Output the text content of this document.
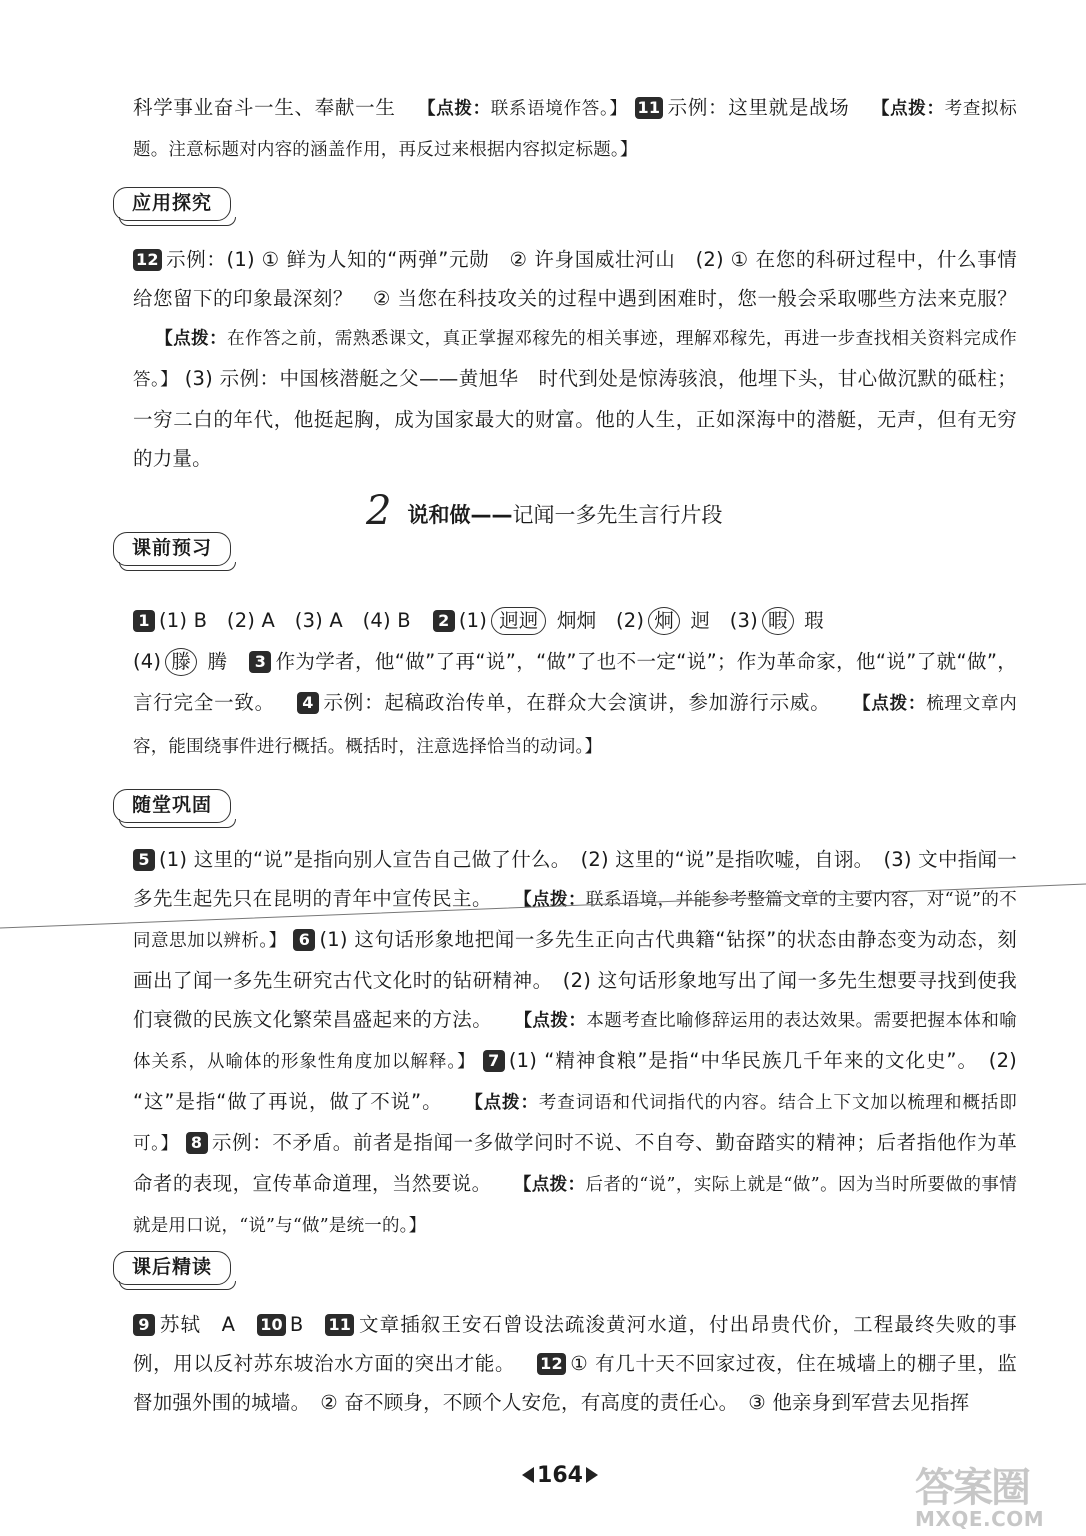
科学事业奋斗一生、奉献一生 【点拨：联系语境作答。】 11 示例：这里就是战场 【点拨：考查拟标题。注意标题对内容的涵盖作用，再反过来根据内容拟定标题。】
应用探究
12 示例：(1) ① 鲜为人知的“两弹”元勋　② 许身国威壮河山　(2) ① 在您的科研过程中，什么事情给您留下的印象最深刻？　② 当您在科技攻关的过程中遇到困难时，您一般会采取哪些方法来克服？【点拨：在作答之前，需熟悉课文，真正掌握邓稼先的相关事迹，理解邓稼先，再进一步查找相关资料完成作答。】 (3) 示例：中国核潜艇之父——黄旭华　时代到处是惊涛骇浪，他埋下头，甘心做沉默的砥柱；一穷二白的年代，他挺起胸，成为国家最大的财富。他的人生，正如深海中的潜艇，无声，但有无穷的力量。
2 说和做——记闻一多先生言行片段
课前预习
1 (1) B　(2) A　(3) A　(4) B 2 (1) 迥迥 炯炯　 (2) 炯 迥　 (3) 暇 瑕
(4) 滕 腾 3 作为学者，他“做”了再“说”，“做”了也不一定“说”；作为革命家，他“说”了就“做”，言行完全一致。 4 示例：起稿政治传单，在群众大会演讲，参加游行示威。 【点拨：梳理文章内容，能围绕事件进行概括。概括时，注意选择恰当的动词。】
随堂巩固
5 (1) 这里的“说”是指向别人宣告自己做了什么。　(2) 这里的“说”是指吹嘘，自诩。　(3) 文中指闻一多先生起先只在昆明的青年中宣传民主。 【点拨：联系语境，并能参考整篇文章的主要内容，对“说”的不同意思加以辨析。】 6 (1) 这句话形象地把闻一多先生正向古代典籍“钻探”的状态由静态变为动态，刻画出了闻一多先生研究古代文化时的钻研精神。　(2) 这句话形象地写出了闻一多先生想要寻找到使我们衰微的民族文化繁荣昌盛起来的方法。 【点拨：本题考查比喻修辞运用的表达效果。需要把握本体和喻体关系，从喻体的形象性角度加以解释。】 7 (1) “精神食粮”是指“中华民族几千年来的文化史”。　(2) “这”是指“做了再说，做了不说”。 【点拨：考查词语和代词指代的内容。结合上下文加以梳理和概括即可。】 8 示例：不矛盾。前者是指闻一多做学问时不说、不自夸、勤奋踏实的精神；后者指他作为革命者的表现，宣传革命道理，当然要说。 【点拨：后者的“说”，实际上就是“做”。因为当时所要做的事情就是用口说，“说”与“做”是统一的。】
课后精读
9 苏轼　A 10 B 11 文章插叙王安石曾设法疏浚黄河水道，付出昂贵代价，工程最终失败的事例，用以反衬苏东坡治水方面的突出才能。 12 ① 有几十天不回家过夜，住在城墙上的棚子里，监督加强外围的城墙。　② 奋不顾身，不顾个人安危，有高度的责任心。　③ 他亲身到军营去见指挥
164	答案圈
MXQE.COM
